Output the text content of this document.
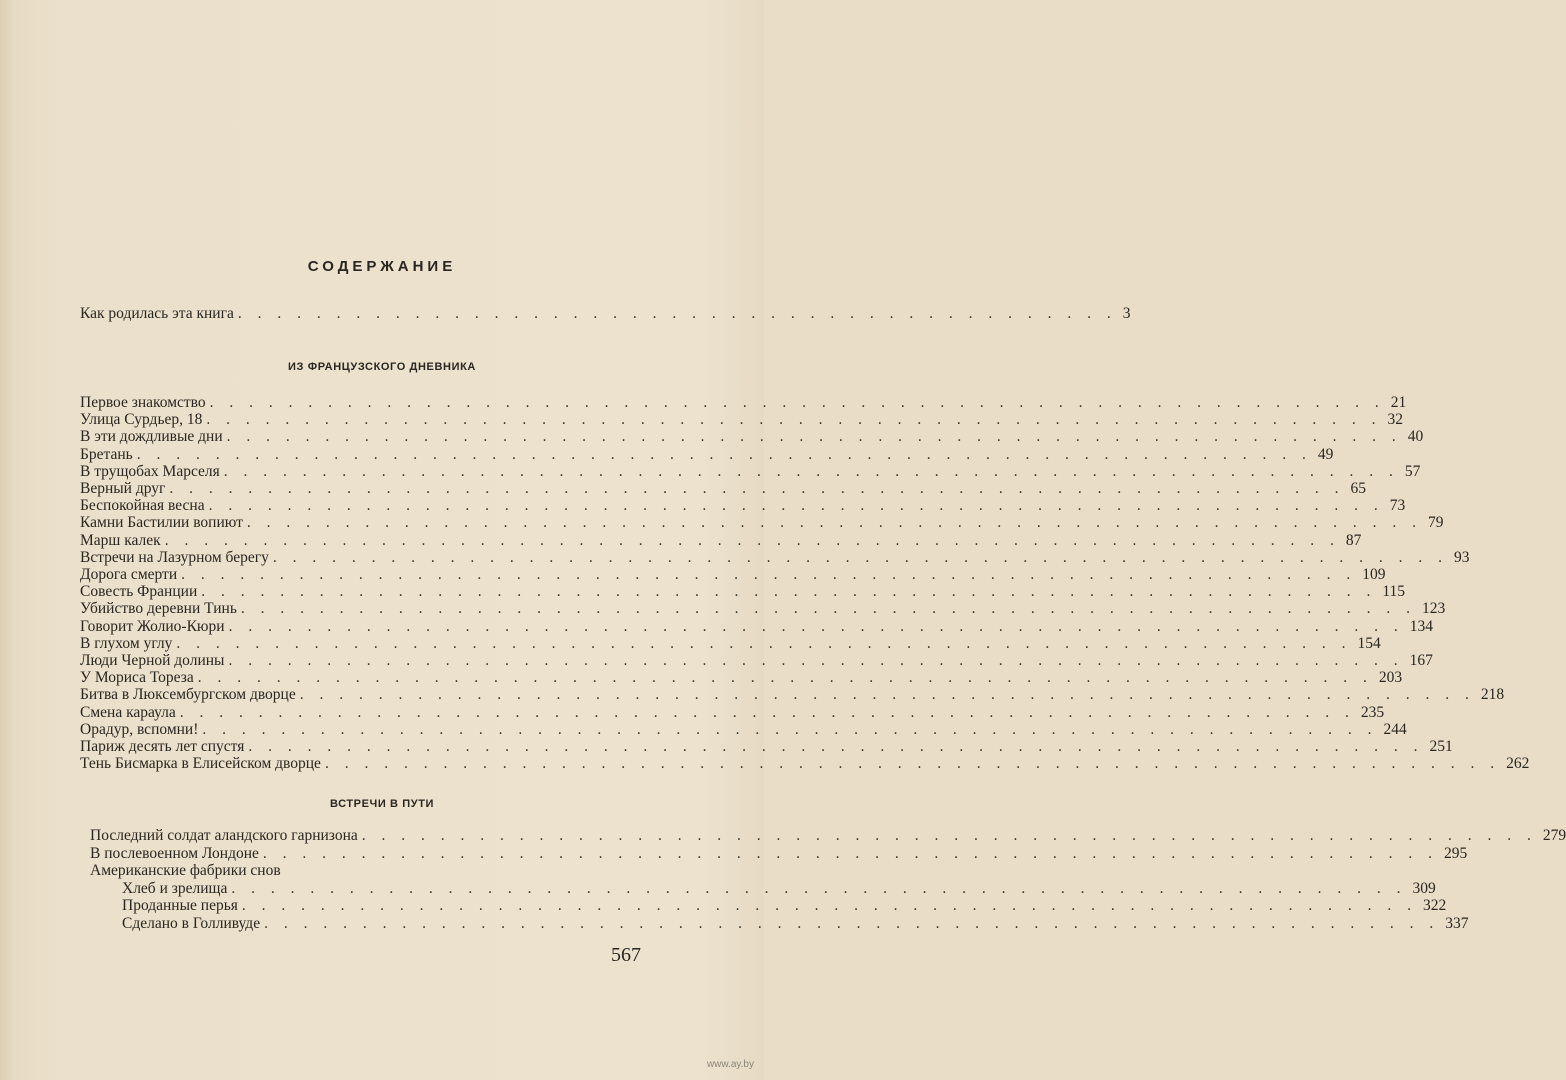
СОДЕРЖАНИЕ
Как родилась эта книга . . . . . . . . . . . . . . . . . . . . . . . . . . . . . . . . . . . . . . . . . . . . . 3
ИЗ ФРАНЦУЗСКОГО ДНЕВНИКА
Первое знакомство . . . . . . . . . . . . . . . . . . . . . . . . . . . . . . . . . . . . . . . . . . . . . . . . . . . . . . . . . . . . 21
Улица Сурдьер, 18 . . . . . . . . . . . . . . . . . . . . . . . . . . . . . . . . . . . . . . . . . . . . . . . . . . . . . . . . . . . . 32
В эти дождливые дни . . . . . . . . . . . . . . . . . . . . . . . . . . . . . . . . . . . . . . . . . . . . . . . . . . . . . . . . . . . . 40
Бретань . . . . . . . . . . . . . . . . . . . . . . . . . . . . . . . . . . . . . . . . . . . . . . . . . . . . . . . . . . . . 49
В трущобах Марселя . . . . . . . . . . . . . . . . . . . . . . . . . . . . . . . . . . . . . . . . . . . . . . . . . . . . . . . . . . . . 57
Верный друг . . . . . . . . . . . . . . . . . . . . . . . . . . . . . . . . . . . . . . . . . . . . . . . . . . . . . . . . . . . . 65
Беспокойная весна . . . . . . . . . . . . . . . . . . . . . . . . . . . . . . . . . . . . . . . . . . . . . . . . . . . . . . . . . . . . 73
Камни Бастилии вопиют . . . . . . . . . . . . . . . . . . . . . . . . . . . . . . . . . . . . . . . . . . . . . . . . . . . . . . . . . . . . 79
Марш калек . . . . . . . . . . . . . . . . . . . . . . . . . . . . . . . . . . . . . . . . . . . . . . . . . . . . . . . . . . . . 87
Встречи на Лазурном берегу . . . . . . . . . . . . . . . . . . . . . . . . . . . . . . . . . . . . . . . . . . . . . . . . . . . . . . . . . . . . 93
Дорога смерти . . . . . . . . . . . . . . . . . . . . . . . . . . . . . . . . . . . . . . . . . . . . . . . . . . . . . . . . . . . . 109
Совесть Франции . . . . . . . . . . . . . . . . . . . . . . . . . . . . . . . . . . . . . . . . . . . . . . . . . . . . . . . . . . . . 115
Убийство деревни Тинь . . . . . . . . . . . . . . . . . . . . . . . . . . . . . . . . . . . . . . . . . . . . . . . . . . . . . . . . . . . . 123
Говорит Жолио-Кюри . . . . . . . . . . . . . . . . . . . . . . . . . . . . . . . . . . . . . . . . . . . . . . . . . . . . . . . . . . . . 134
В глухом углу . . . . . . . . . . . . . . . . . . . . . . . . . . . . . . . . . . . . . . . . . . . . . . . . . . . . . . . . . . . . 154
Люди Черной долины . . . . . . . . . . . . . . . . . . . . . . . . . . . . . . . . . . . . . . . . . . . . . . . . . . . . . . . . . . . . 167
У Мориса Тореза . . . . . . . . . . . . . . . . . . . . . . . . . . . . . . . . . . . . . . . . . . . . . . . . . . . . . . . . . . . . 203
Битва в Люксембургском дворце . . . . . . . . . . . . . . . . . . . . . . . . . . . . . . . . . . . . . . . . . . . . . . . . . . . . . . . . . . . . 218
Смена караула . . . . . . . . . . . . . . . . . . . . . . . . . . . . . . . . . . . . . . . . . . . . . . . . . . . . . . . . . . . . 235
Орадур, вспомни! . . . . . . . . . . . . . . . . . . . . . . . . . . . . . . . . . . . . . . . . . . . . . . . . . . . . . . . . . . . . 244
Париж десять лет спустя . . . . . . . . . . . . . . . . . . . . . . . . . . . . . . . . . . . . . . . . . . . . . . . . . . . . . . . . . . . . 251
Тень Бисмарка в Елисейском дворце . . . . . . . . . . . . . . . . . . . . . . . . . . . . . . . . . . . . . . . . . . . . . . . . . . . . . . . . . . . . 262
ВСТРЕЧИ В ПУТИ
Последний солдат аландского гарнизона . . . . . . . . . . . . . . . . . . . . . . . . . . . . . . . . . . . . . . . . . . . . . . . . . . . . . . . . . . . . 279
В послевоенном Лондоне . . . . . . . . . . . . . . . . . . . . . . . . . . . . . . . . . . . . . . . . . . . . . . . . . . . . . . . . . . . . 295
Американские фабрики снов
Хлеб и зрелища . . . . . . . . . . . . . . . . . . . . . . . . . . . . . . . . . . . . . . . . . . . . . . . . . . . . . . . . . . . . 309
Проданные перья . . . . . . . . . . . . . . . . . . . . . . . . . . . . . . . . . . . . . . . . . . . . . . . . . . . . . . . . . . . . 322
Сделано в Голливуде . . . . . . . . . . . . . . . . . . . . . . . . . . . . . . . . . . . . . . . . . . . . . . . . . . . . . . . . . . . . 337
567
www.ay.by
